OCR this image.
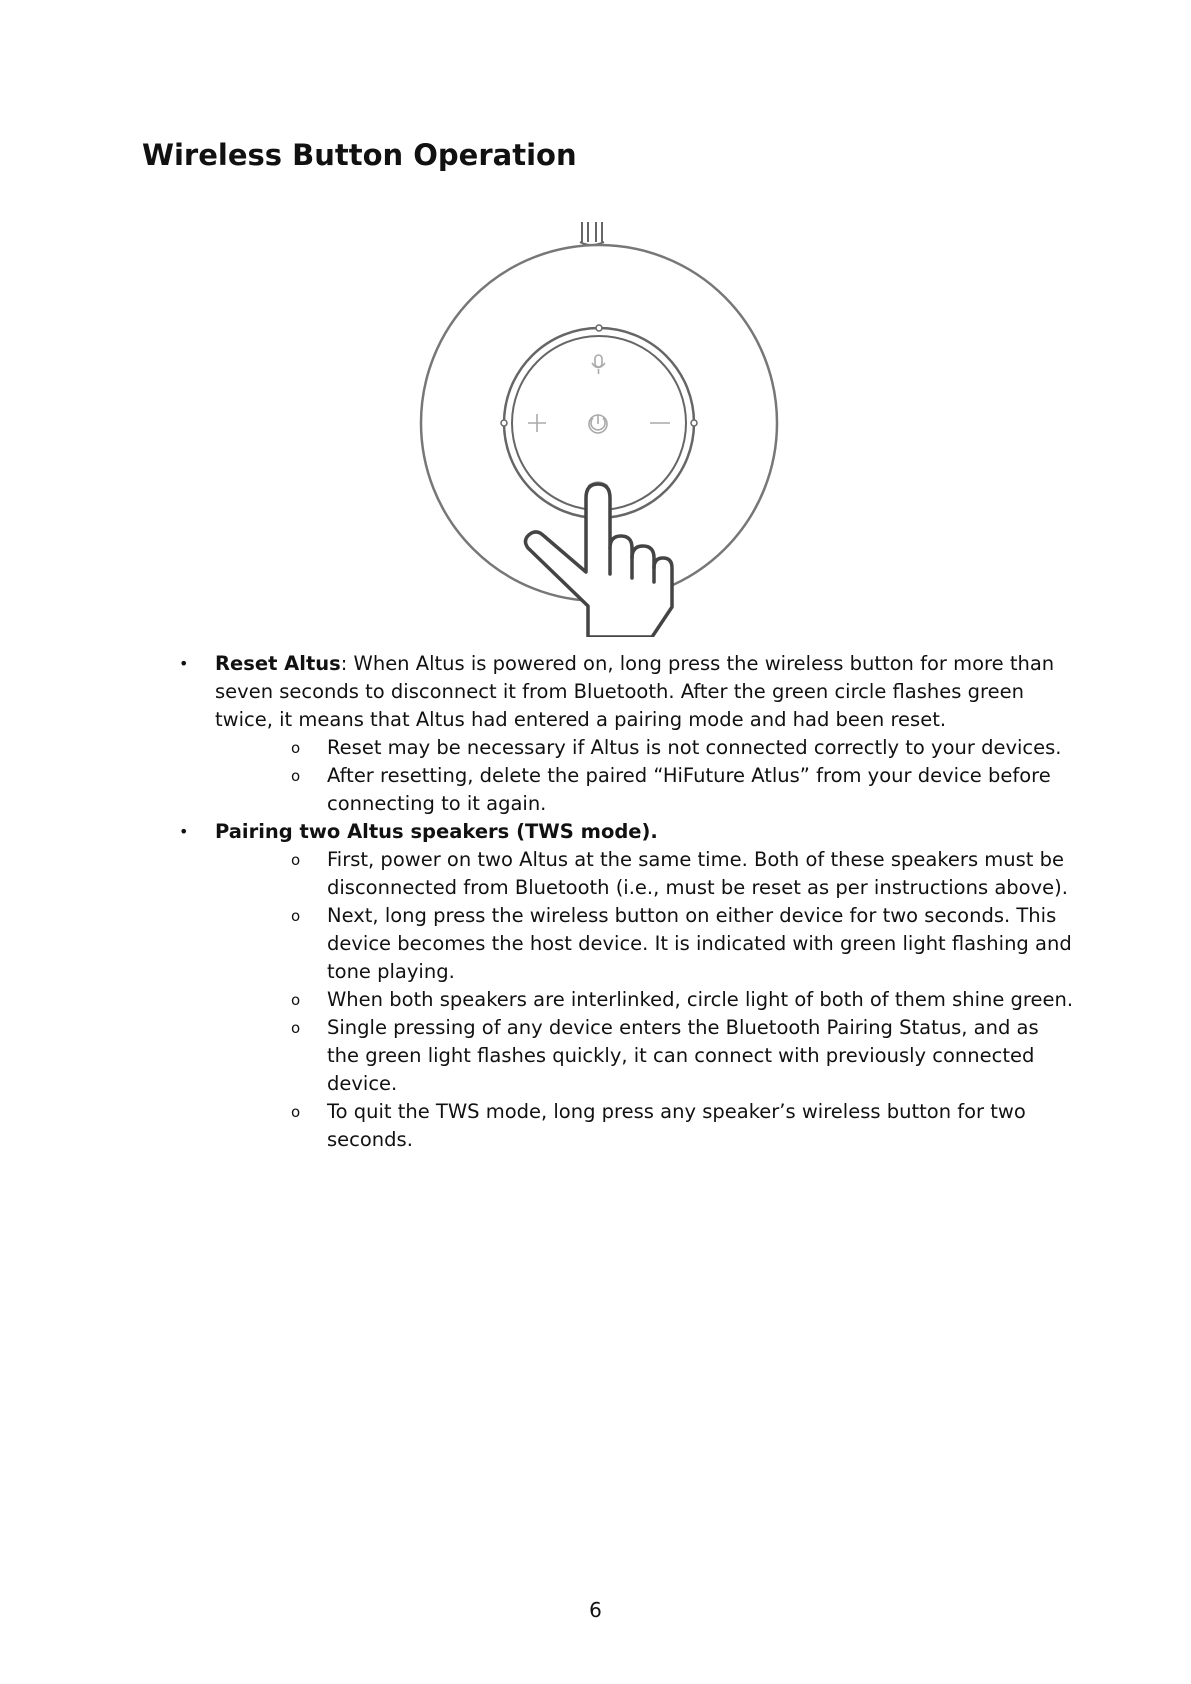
Wireless Button Operation
• Reset Altus: When Altus is powered on, long press the wireless button for more than seven seconds to disconnect it from Bluetooth. After the green circle flashes green twice, it means that Altus had entered a pairing mode and had been reset.
o Reset may be necessary if Altus is not connected correctly to your devices.
o After resetting, delete the paired “HiFuture Atlus” from your device before connecting to it again.
• Pairing two Altus speakers (TWS mode).
o First, power on two Altus at the same time. Both of these speakers must be disconnected from Bluetooth (i.e., must be reset as per instructions above).
o Next, long press the wireless button on either device for two seconds. This device becomes the host device. It is indicated with green light flashing and tone playing.
o When both speakers are interlinked, circle light of both of them shine green.
o Single pressing of any device enters the Bluetooth Pairing Status, and as the green light flashes quickly, it can connect with previously connected device.
o To quit the TWS mode, long press any speaker’s wireless button for two seconds.
6
